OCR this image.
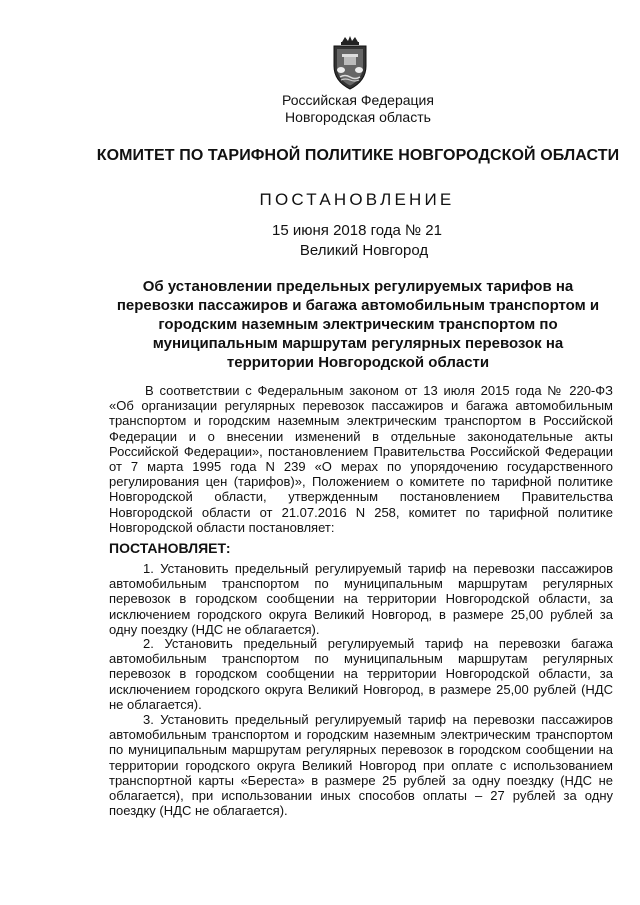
Российская Федерация
Новгородская область
КОМИТЕТ ПО ТАРИФНОЙ ПОЛИТИКЕ НОВГОРОДСКОЙ ОБЛАСТИ
ПОСТАНОВЛЕНИЕ
15 июня 2018 года № 21
Великий Новгород
Об установлении предельных регулируемых тарифов на перевозки пассажиров и багажа автомобильным транспортом и городским наземным электрическим транспортом по муниципальным маршрутам регулярных перевозок на территории Новгородской области
В соответствии с Федеральным законом от 13 июля 2015 года № 220-ФЗ «Об организации регулярных перевозок пассажиров и багажа автомобильным транспортом и городским наземным электрическим транспортом в Российской Федерации и о внесении изменений в отдельные законодательные акты Российской Федерации», постановлением Правительства Российской Федерации от 7 марта 1995 года N 239 «О мерах по упорядочению государственного регулирования цен (тарифов)», Положением о комитете по тарифной политике Новгородской области, утвержденным постановлением Правительства Новгородской области от 21.07.2016 N 258, комитет по тарифной политике Новгородской области постановляет:
ПОСТАНОВЛЯЕТ:
1. Установить предельный регулируемый тариф на перевозки пассажиров автомобильным транспортом по муниципальным маршрутам регулярных перевозок в городском сообщении на территории Новгородской области, за исключением городского округа Великий Новгород, в размере 25,00 рублей за одну поездку (НДС не облагается).
2. Установить предельный регулируемый тариф на перевозки багажа автомобильным транспортом по муниципальным маршрутам регулярных перевозок в городском сообщении на территории Новгородской области, за исключением городского округа Великий Новгород, в размере 25,00 рублей (НДС не облагается).
3. Установить предельный регулируемый тариф на перевозки пассажиров автомобильным транспортом и городским наземным электрическим транспортом по муниципальным маршрутам регулярных перевозок в городском сообщении на территории городского округа Великий Новгород при оплате с использованием транспортной карты «Береста» в размере 25 рублей за одну поездку (НДС не облагается), при использовании иных способов оплаты – 27 рублей за одну поездку (НДС не облагается).
